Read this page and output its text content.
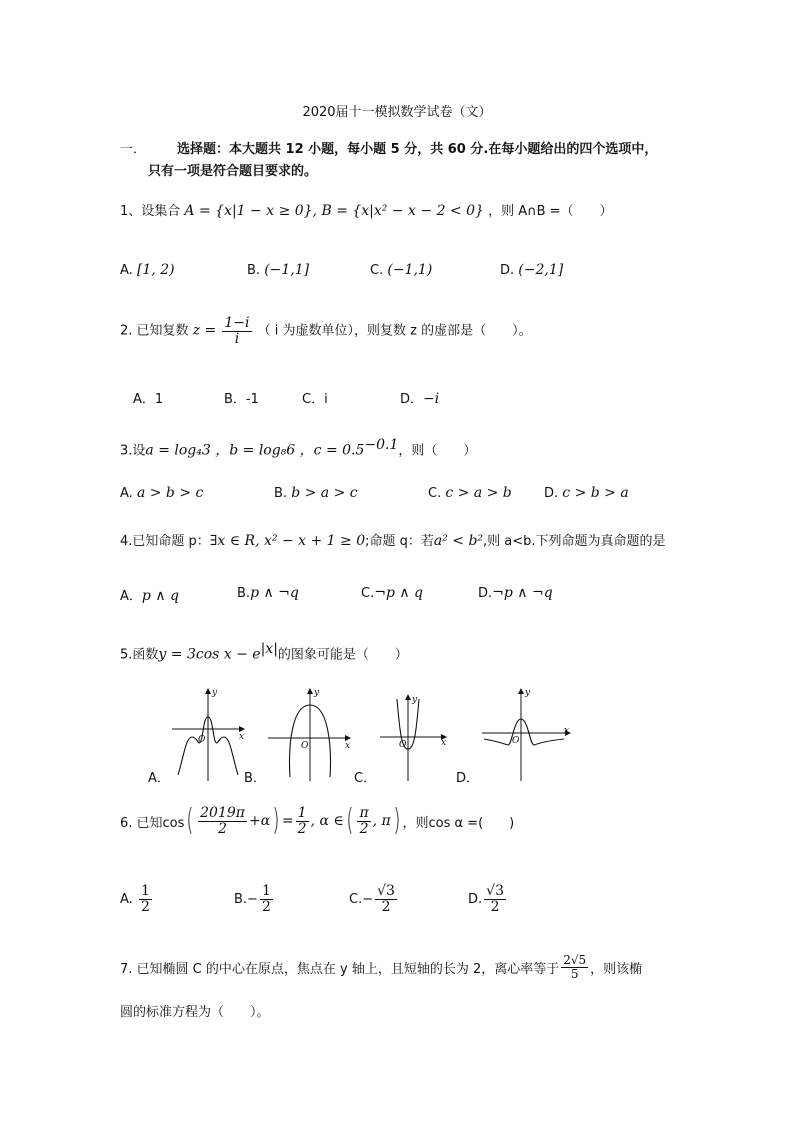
2020届十一模拟数学试卷（文）
一． 选择题：本大题共 12 小题，每小题 5 分，共 60 分.在每小题给出的四个选项中，
只有一项是符合题目要求的。
1、设集合 A = {x|1 − x ≥ 0}, B = {x|x² − x − 2 < 0} ，则 A∩B =（　　）
A. [1, 2)	B. (−1,1]	C. (−1,1)	D. (−2,1]
2. 已知复数 $z = \frac{1-i}{i}$ （ i 为虚数单位），则复数 z 的虚部是（　　）。
A．1	B．-1	C．i	D．−i
3.设a = log₄3 ，b = log₈6 ，$c = 0.5^{-0.1}$，则（　　）
A. a > b > c	B. b > a > c	C. c > a > b D. c > b > a
4.已知命题 p：∃x ∈ R, x² − x + 1 ≥ 0;命题 q：若a² < b²,则 a<b.下列命题为真命题的是
A．p ∧ q	B.p ∧ ¬q	C.¬p ∧ q	D.¬p ∧ ¬q
5.函数y = 3cos $x - e^{|x|}$的图象可能是（　　）
y
x
O
y
x
O
y
x
O
y
x
O
A．	B．	C．	D．
6. 已知cos ( $\frac{2019\pi}{2} +\alpha$ ) = $\frac{1}{2}$ , α ∈ ( $\frac{\pi}{2}$ , π ) ，则cos α =(　　)
A.
$\frac{1}{2}$	$B.- \frac{1}{2}$	$C.- \frac{√3}{2}$	D. $\frac{√3}{2}$
7. 已知椭圆 C 的中心在原点，焦点在 y 轴上，且短轴的长为 2，离心率等于 $\frac{2√5}{5}$ ，则该椭
圆的标准方程为（　　）。
